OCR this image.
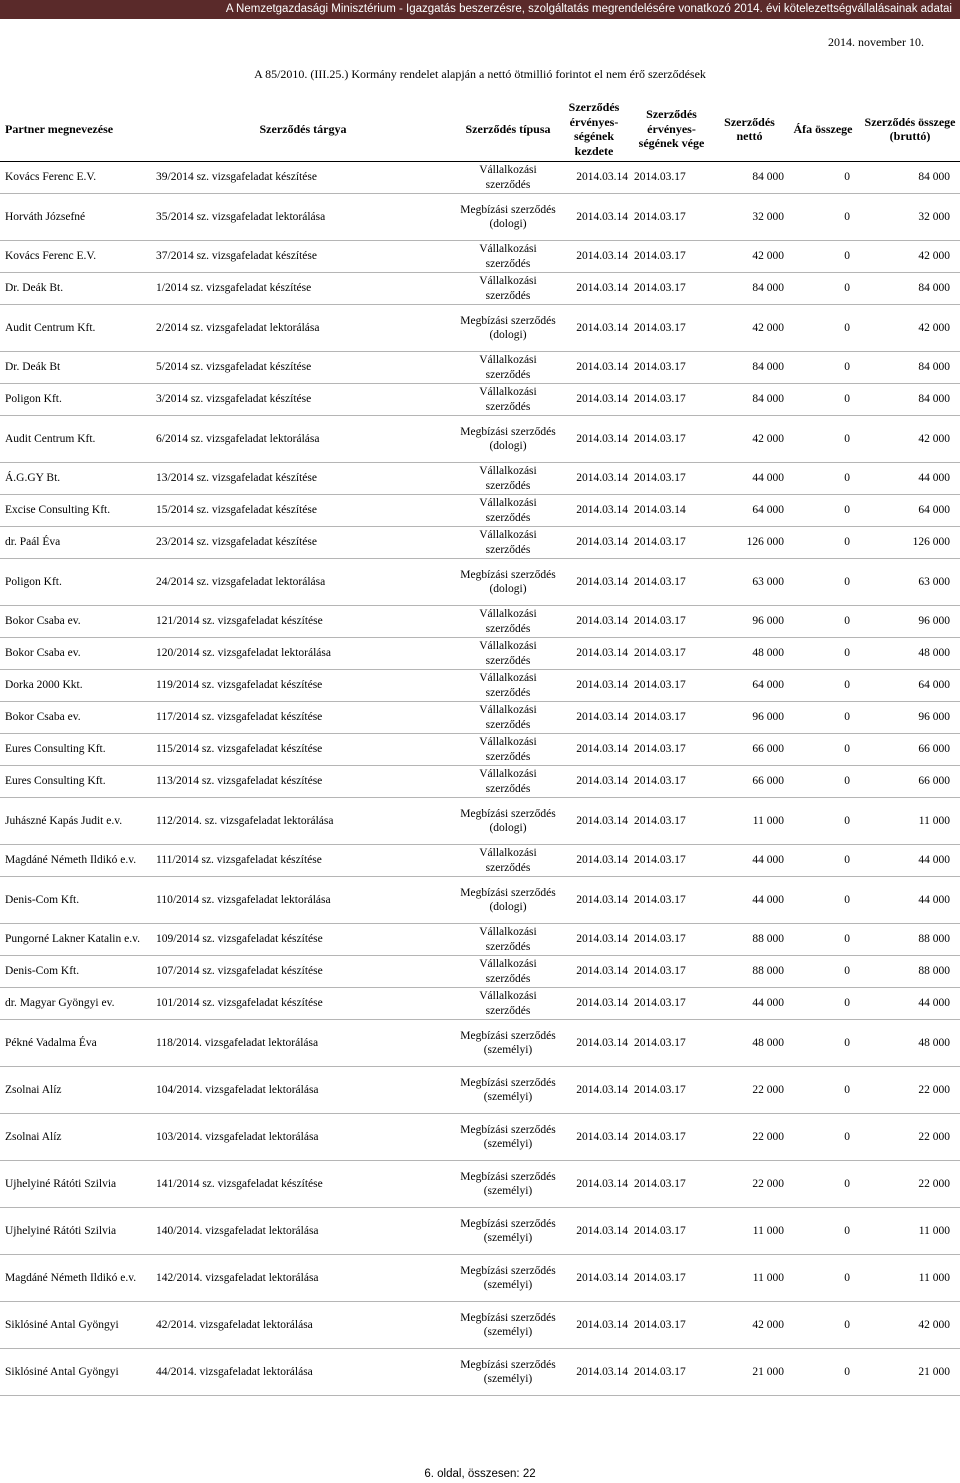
A Nemzetgazdasági Minisztérium - Igazgatás beszerzésre, szolgáltatás megrendelésére vonatkozó 2014. évi kötelezettségvállalásainak adatai
2014. november 10.
A 85/2010. (III.25.) Kormány rendelet alapján a nettó ötmillió forintot el nem érő szerződések
Partner megnevezése	Szerződés tárgya	Szerződés típusa	Szerződés érvényes-ségének kezdete	Szerződés érvényes-ségének vége	Szerződés nettó	Áfa összege	Szerződés összege (bruttó)
Kovács Ferenc E.V.	39/2014 sz. vizsgafeladat készítése	Vállalkozási szerződés	2014.03.14	2014.03.17	84 000	0	84 000
Horváth Józsefné	35/2014 sz. vizsgafeladat lektorálása	Megbízási szerződés (dologi)	2014.03.14	2014.03.17	32 000	0	32 000
Kovács Ferenc E.V.	37/2014 sz. vizsgafeladat készítése	Vállalkozási szerződés	2014.03.14	2014.03.17	42 000	0	42 000
Dr. Deák Bt.	1/2014 sz. vizsgafeladat készítése	Vállalkozási szerződés	2014.03.14	2014.03.17	84 000	0	84 000
Audit Centrum Kft.	2/2014 sz. vizsgafeladat lektorálása	Megbízási szerződés (dologi)	2014.03.14	2014.03.17	42 000	0	42 000
Dr. Deák Bt	5/2014 sz. vizsgafeladat készítése	Vállalkozási szerződés	2014.03.14	2014.03.17	84 000	0	84 000
Poligon Kft.	3/2014 sz. vizsgafeladat készítése	Vállalkozási szerződés	2014.03.14	2014.03.17	84 000	0	84 000
Audit Centrum Kft.	6/2014 sz. vizsgafeladat lektorálása	Megbízási szerződés (dologi)	2014.03.14	2014.03.17	42 000	0	42 000
Á.G.GY Bt.	13/2014 sz. vizsgafeladat készítése	Vállalkozási szerződés	2014.03.14	2014.03.17	44 000	0	44 000
Excise Consulting Kft.	15/2014 sz. vizsgafeladat készítése	Vállalkozási szerződés	2014.03.14	2014.03.14	64 000	0	64 000
dr. Paál Éva	23/2014 sz. vizsgafeladat készítése	Vállalkozási szerződés	2014.03.14	2014.03.17	126 000	0	126 000
Poligon Kft.	24/2014 sz. vizsgafeladat lektorálása	Megbízási szerződés (dologi)	2014.03.14	2014.03.17	63 000	0	63 000
Bokor Csaba ev.	121/2014 sz. vizsgafeladat készítése	Vállalkozási szerződés	2014.03.14	2014.03.17	96 000	0	96 000
Bokor Csaba ev.	120/2014 sz. vizsgafeladat lektorálása	Vállalkozási szerződés	2014.03.14	2014.03.17	48 000	0	48 000
Dorka 2000 Kkt.	119/2014 sz. vizsgafeladat készítése	Vállalkozási szerződés	2014.03.14	2014.03.17	64 000	0	64 000
Bokor Csaba ev.	117/2014 sz. vizsgafeladat készítése	Vállalkozási szerződés	2014.03.14	2014.03.17	96 000	0	96 000
Eures Consulting Kft.	115/2014 sz. vizsgafeladat készítése	Vállalkozási szerződés	2014.03.14	2014.03.17	66 000	0	66 000
Eures Consulting Kft.	113/2014 sz. vizsgafeladat készítése	Vállalkozási szerződés	2014.03.14	2014.03.17	66 000	0	66 000
Juhászné Kapás Judit e.v.	112/2014. sz. vizsgafeladat lektorálása	Megbízási szerződés (dologi)	2014.03.14	2014.03.17	11 000	0	11 000
Magdáné Németh Ildikó e.v.	111/2014 sz. vizsgafeladat készítése	Vállalkozási szerződés	2014.03.14	2014.03.17	44 000	0	44 000
Denis-Com Kft.	110/2014 sz. vizsgafeladat lektorálása	Megbízási szerződés (dologi)	2014.03.14	2014.03.17	44 000	0	44 000
Pungorné Lakner Katalin e.v.	109/2014 sz. vizsgafeladat készítése	Vállalkozási szerződés	2014.03.14	2014.03.17	88 000	0	88 000
Denis-Com Kft.	107/2014 sz. vizsgafeladat készítése	Vállalkozási szerződés	2014.03.14	2014.03.17	88 000	0	88 000
dr. Magyar Gyöngyi ev.	101/2014 sz. vizsgafeladat készítése	Vállalkozási szerződés	2014.03.14	2014.03.17	44 000	0	44 000
Pékné Vadalma Éva	118/2014. vizsgafeladat lektorálása	Megbízási szerződés (személyi)	2014.03.14	2014.03.17	48 000	0	48 000
Zsolnai Alíz	104/2014. vizsgafeladat lektorálása	Megbízási szerződés (személyi)	2014.03.14	2014.03.17	22 000	0	22 000
Zsolnai Alíz	103/2014. vizsgafeladat lektorálása	Megbízási szerződés (személyi)	2014.03.14	2014.03.17	22 000	0	22 000
Ujhelyiné Rátóti Szilvia	141/2014 sz. vizsgafeladat készítése	Megbízási szerződés (személyi)	2014.03.14	2014.03.17	22 000	0	22 000
Ujhelyiné Rátóti Szilvia	140/2014. vizsgafeladat lektorálása	Megbízási szerződés (személyi)	2014.03.14	2014.03.17	11 000	0	11 000
Magdáné Németh Ildikó e.v.	142/2014. vizsgafeladat lektorálása	Megbízási szerződés (személyi)	2014.03.14	2014.03.17	11 000	0	11 000
Siklósiné Antal Gyöngyi	42/2014. vizsgafeladat lektorálása	Megbízási szerződés (személyi)	2014.03.14	2014.03.17	42 000	0	42 000
Siklósiné Antal Gyöngyi	44/2014. vizsgafeladat lektorálása	Megbízási szerződés (személyi)	2014.03.14	2014.03.17	21 000	0	21 000
6. oldal, összesen: 22
